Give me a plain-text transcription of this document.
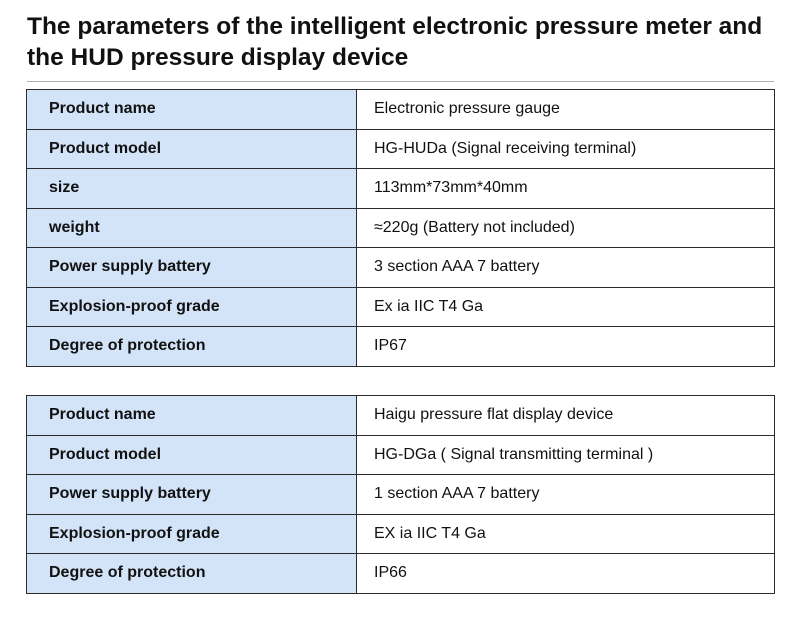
The parameters of the intelligent electronic pressure meter and the HUD pressure display device
Product name	Electronic pressure gauge
Product model	HG-HUDa (Signal receiving terminal)
size	113mm*73mm*40mm
weight	≈220g (Battery not included)
Power supply battery	3 section AAA 7 battery
Explosion-proof grade	Ex ia IIC T4 Ga
Degree of protection	IP67
Product name	Haigu pressure flat display device
Product model	HG-DGa ( Signal transmitting terminal )
Power supply battery	1 section AAA 7 battery
Explosion-proof grade	EX ia IIC T4 Ga
Degree of protection	IP66
